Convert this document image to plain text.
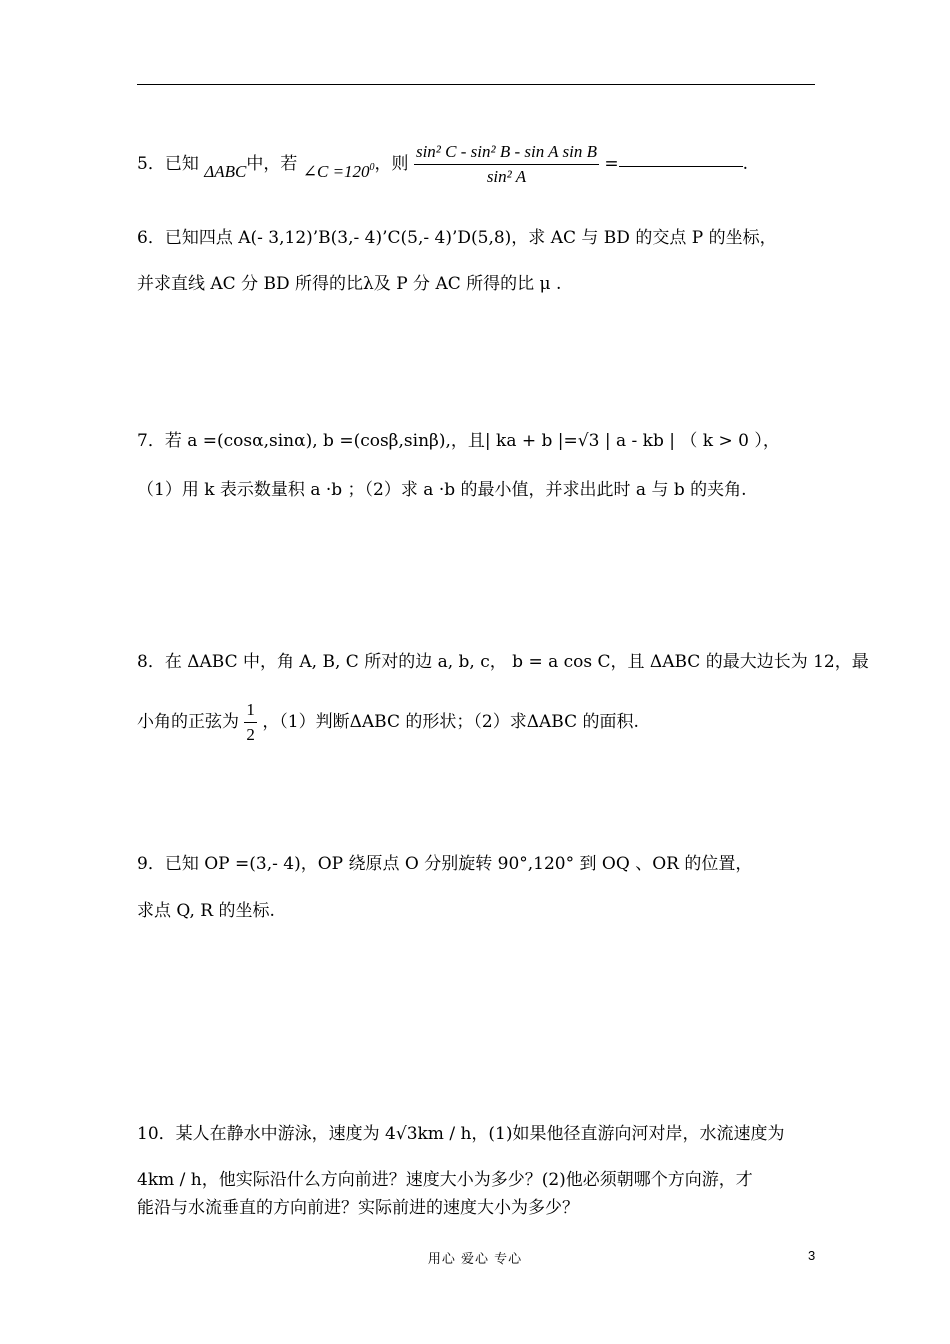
5．已知 ΔABC中，若 ∠C $=120^0$，则 $\frac{\text{sin² C - sin² B - sin A sin B}}{\text{sin² A}}$ =	.
6．已知四点 A(- 3,12)’B(3,- 4)’C(5,- 4)’D(5,8)，求 AC 与 BD 的交点 P 的坐标，
并求直线 AC 分 BD 所得的比λ及 P 分 AC 所得的比 μ .
7．若 a =(cosα,sinα), b =(cosβ,sinβ),，且| ka + b |=√3 | a - kb | （ k > 0 ），
（1）用 k 表示数量积 a ·b ；（2）求 a ·b 的最小值，并求出此时 a 与 b 的夹角.
8．在 ΔABC 中，角 A, B, C 所对的边 a, b, c， b = a cos C，且 ΔABC 的最大边长为 12，最
小角的正弦为 $\frac{1}{2}$ ，（1）判断ΔABC 的形状；（2）求ΔABC 的面积.
9．已知 OP =(3,- 4)，OP 绕原点 O 分别旋转 90°,120° 到 OQ 、OR 的位置，
求点 Q, R 的坐标.
10．某人在静水中游泳，速度为 4√3km / h，(1)如果他径直游向河对岸，水流速度为
4km / h，他实际沿什么方向前进？速度大小为多少？(2)他必须朝哪个方向游，才
能沿与水流垂直的方向前进？实际前进的速度大小为多少？
用心 爱心 专心	3
